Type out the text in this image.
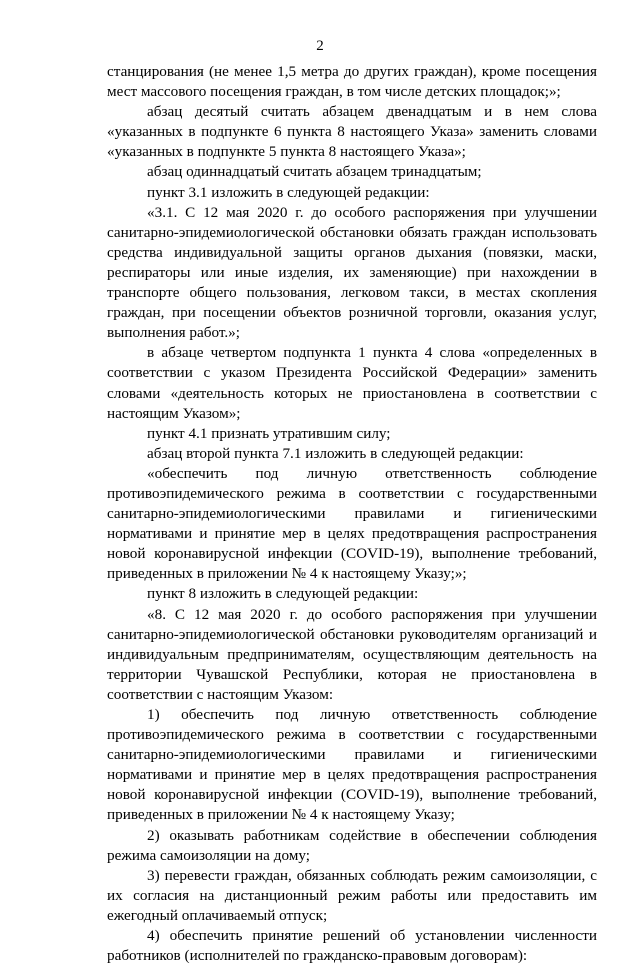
2

станцирования (не менее 1,5 метра до других граждан), кроме посещения мест массового посещения граждан, в том числе детских площадок;»;

абзац десятый считать абзацем двенадцатым и в нем слова «указанных в подпункте 6 пункта 8 настоящего Указа» заменить словами «указанных в подпункте 5 пункта 8 настоящего Указа»;

абзац одиннадцатый считать абзацем тринадцатым;

пункт 3.1 изложить в следующей редакции:

«3.1. С 12 мая 2020 г. до особого распоряжения при улучшении санитарно-эпидемиологической обстановки обязать граждан использовать средства индивидуальной защиты органов дыхания (повязки, маски, респираторы или иные изделия, их заменяющие) при нахождении в транспорте общего пользования, легковом такси, в местах скопления граждан, при посещении объектов розничной торговли, оказания услуг, выполнения работ.»;

в абзаце четвертом подпункта 1 пункта 4 слова «определенных в соответствии с указом Президента Российской Федерации» заменить словами «деятельность которых не приостановлена в соответствии с настоящим Указом»;

пункт 4.1 признать утратившим силу;

абзац второй пункта 7.1 изложить в следующей редакции:

«обеспечить под личную ответственность соблюдение противоэпидемического режима в соответствии с государственными санитарно-эпидемиологическими правилами и гигиеническими нормативами и принятие мер в целях предотвращения распространения новой коронавирусной инфекции (COVID-19), выполнение требований, приведенных в приложении № 4 к настоящему Указу;»;

пункт 8 изложить в следующей редакции:

«8. С 12 мая 2020 г. до особого распоряжения при улучшении санитарно-эпидемиологической обстановки руководителям организаций и индивидуальным предпринимателям, осуществляющим деятельность на территории Чувашской Республики, которая не приостановлена в соответствии с настоящим Указом:

1) обеспечить под личную ответственность соблюдение противоэпидемического режима в соответствии с государственными санитарно-эпидемиологическими правилами и гигиеническими нормативами и принятие мер в целях предотвращения распространения новой коронавирусной инфекции (COVID-19), выполнение требований, приведенных в приложении № 4 к настоящему Указу;

2) оказывать работникам содействие в обеспечении соблюдения режима самоизоляции на дому;

3) перевести граждан, обязанных соблюдать режим самоизоляции, с их согласия на дистанционный режим работы или предоставить им ежегодный оплачиваемый отпуск;

4) обеспечить принятие решений об установлении численности работников (исполнителей по гражданско-правовым договорам):
